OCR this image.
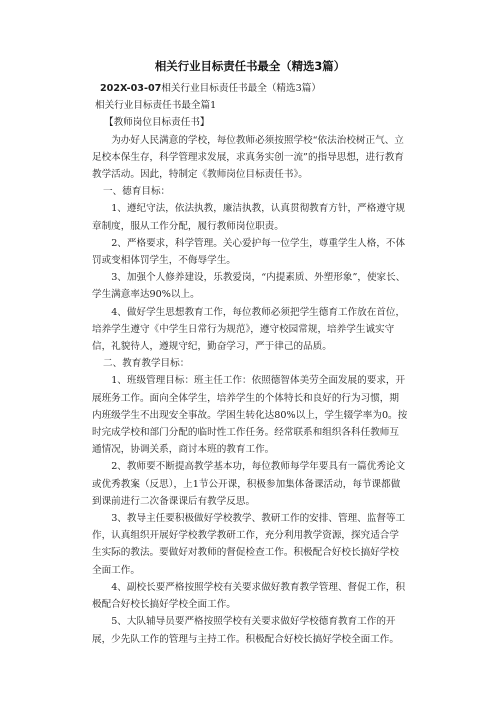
相关行业目标责任书最全（精选3篇）

202X-03-07相关行业目标责任书最全（精选3篇）

相关行业目标责任书最全篇1

【教师岗位目标责任书】

为办好人民满意的学校，每位教师必须按照学校“依法治校树正气、立足校本保生存，科学管理求发展，求真务实创一流”的指导思想，进行教育教学活动。因此，特制定《教师岗位目标责任书》。

一、德育目标：

1、遵纪守法，依法执教，廉洁执教，认真贯彻教育方针，严格遵守规章制度，服从工作分配，履行教师岗位职责。

2、严格要求，科学管理。关心爱护每一位学生，尊重学生人格，不体罚或变相体罚学生，不侮辱学生。

3、加强个人修养建设，乐教爱岗，“内提素质、外塑形象”，使家长、学生满意率达90%以上。

4、做好学生思想教育工作，每位教师必须把学生德育工作放在首位，培养学生遵守《中学生日常行为规范》，遵守校园常规，培养学生诚实守信，礼貌待人，遵规守纪，勤奋学习，严于律己的品质。

二、教育教学目标：

1、班级管理目标：班主任工作：依照德智体美劳全面发展的要求，开展班务工作。面向全体学生，培养学生的个体特长和良好的行为习惯，期内班级学生不出现安全事故。学困生转化达80%以上，学生辍学率为0。按时完成学校和部门分配的临时性工作任务。经常联系和组织各科任教师互通情况，协调关系，商讨本班的教育工作。

2、教师要不断提高教学基本功，每位教师每学年要具有一篇优秀论文或优秀教案（反思），上1节公开课，积极参加集体备课活动，每节课都做到课前进行二次备课课后有教学反思。

3、教导主任要积极做好学校教学、教研工作的安排、管理、监督等工作，认真组织开展好学校教学教研工作，充分利用教学资源，探究适合学生实际的教法。要做好对教师的督促检查工作。积极配合好校长搞好学校全面工作。

4、副校长要严格按照学校有关要求做好教育教学管理、督促工作，积极配合好校长搞好学校全面工作。

5、大队辅导员要严格按照学校有关要求做好学校德育教育工作的开展，少先队工作的管理与主持工作。积极配合好校长搞好学校全面工作。
